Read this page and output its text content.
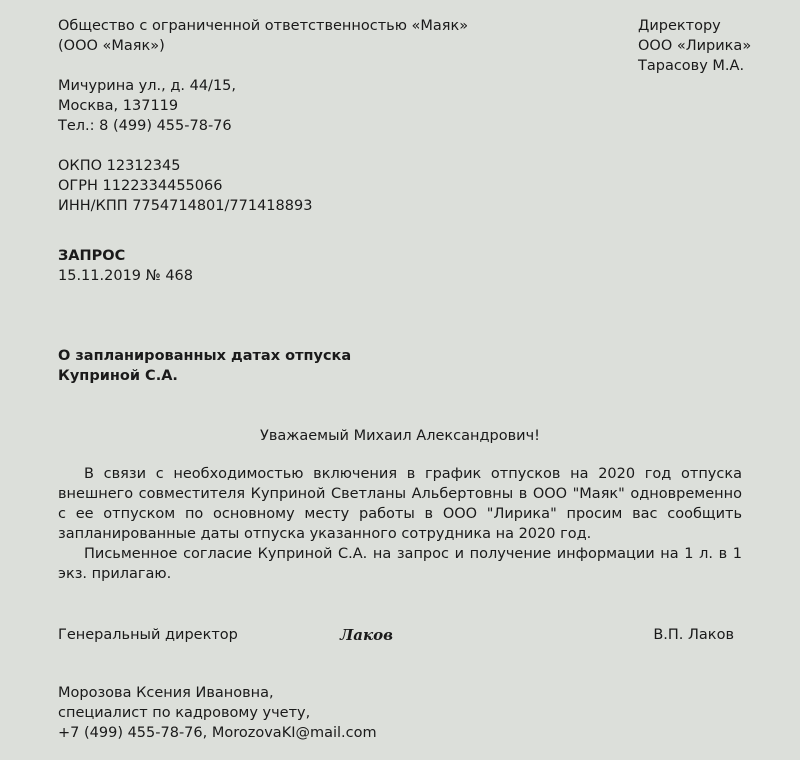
Общество с ограниченной ответственностью «Маяк»
(ООО «Маяк»)
Мичурина ул., д. 44/15,
Москва, 137119
Тел.: 8 (499) 455-78-76
ОКПО 12312345
ОГРН 1122334455066
ИНН/КПП 7754714801/771418893
Директору
ООО «Лирика»
Тарасову М.А.
ЗАПРОС
15.11.2019 № 468
О запланированных датах отпуска
Куприной С.А.
Уважаемый Михаил Александрович!

В связи с необходимостью включения в график отпусков на 2020 год отпуска внешнего совместителя Куприной Светланы Альбертовны в ООО "Маяк" одновременно с ее отпуском по основному месту работы в ООО "Лирика" просим вас сообщить запланированные даты отпуска указанного сотрудника на 2020 год.

Письменное согласие Куприной С.А. на запрос и получение информации на 1 л. в 1 экз. прилагаю.

Генеральный директор	Лаков	В.П. Лаков
Морозова Ксения Ивановна,
специалист по кадровому учету,
+7 (499) 455-78-76, MorozovaKI@mail.com
